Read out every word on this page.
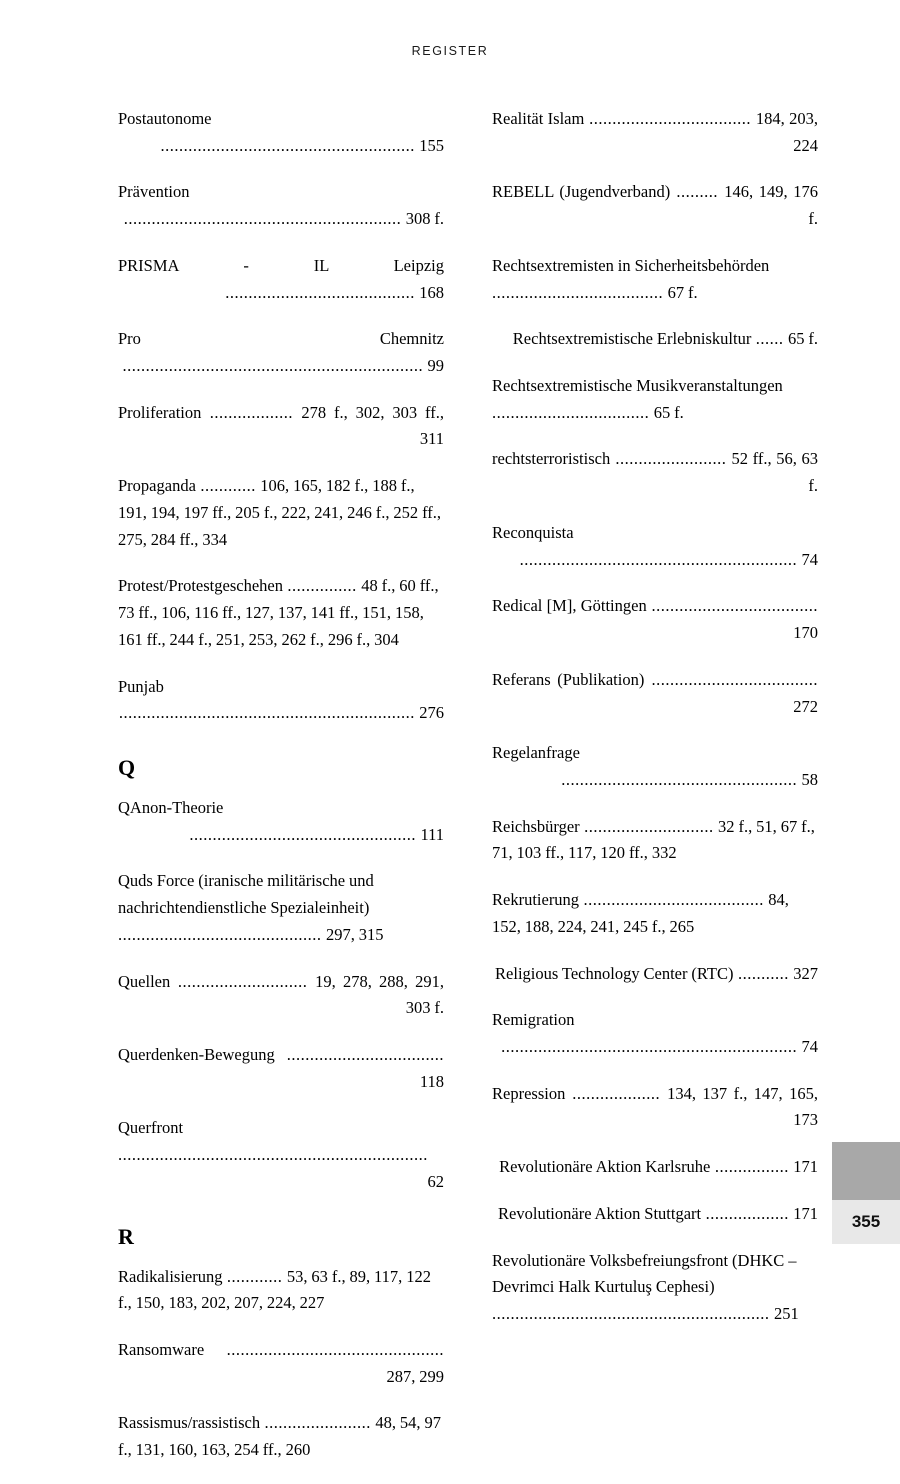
REGISTER
Postautonome ....................................................... 155
Prävention ............................................................ 308 f.
PRISMA - IL Leipzig ......................................... 168
Pro Chemnitz ................................................................. 99
Proliferation .................. 278 f., 302, 303 ff., 311
Propaganda ............ 106, 165, 182 f., 188 f., 191, 194, 197 ff., 205 f., 222, 241, 246 f., 252 ff., 275, 284 ff., 334
Protest/Protestgeschehen ............... 48 f., 60 ff., 73 ff., 106, 116 ff., 127, 137, 141 ff., 151, 158, 161 ff., 244 f., 251, 253, 262 f., 296 f., 304
Punjab ................................................................ 276
Q
QAnon-Theorie ................................................. 111
Quds Force (iranische militärische und nachrichtendienstliche Spezialeinheit) ............................................ 297, 315
Quellen ............................ 19, 278, 288, 291, 303 f.
Querdenken-Bewegung .................................. 118
Querfront ................................................................... 62
R
Radikalisierung ............ 53, 63 f., 89, 117, 122 f., 150, 183, 202, 207, 224, 227
Ransomware ............................................... 287, 299
Rassismus/rassistisch ....................... 48, 54, 97 f., 131, 160, 163, 254 ff., 260
Realität Islam ................................... 184, 203, 224
REBELL (Jugendverband) ......... 146, 149, 176 f.
Rechtsextremisten in Sicherheitsbehörden ..................................... 67 f.
Rechtsextremistische Erlebniskultur ...... 65 f.
Rechtsextremistische Musikveranstaltungen .................................. 65 f.
rechtsterroristisch ........................ 52 ff., 56, 63 f.
Reconquista ............................................................ 74
Redical [M], Göttingen .................................... 170
Referans (Publikation) .................................... 272
Regelanfrage ................................................... 58
Reichsbürger ............................ 32 f., 51, 67 f., 71, 103 ff., 117, 120 ff., 332
Rekrutierung ....................................... 84, 152, 188, 224, 241, 245 f., 265
Religious Technology Center (RTC) ........... 327
Remigration ................................................................ 74
Repression ................... 134, 137 f., 147, 165, 173
Revolutionäre Aktion Karlsruhe ................ 171
Revolutionäre Aktion Stuttgart .................. 171
Revolutionäre Volksbefreiungsfront (DHKC – Devrimci Halk Kurtuluş Cephesi) ............................................................ 251
355
